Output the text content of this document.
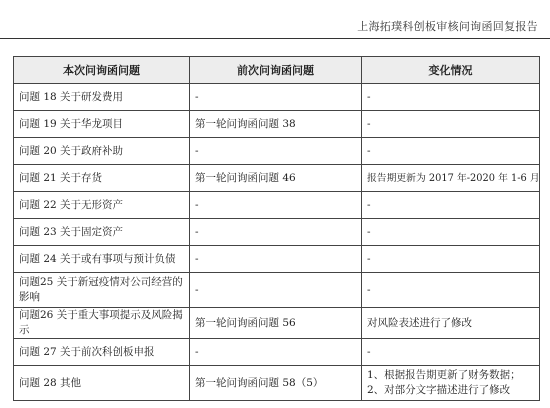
上海拓璞科创板审核问询函回复报告
本次问询函问题	前次问询函问题	变化情况
问题 18 关于研发费用	-	-
问题 19 关于华龙项目	第一轮问询函问题 38	-
问题 20 关于政府补助	-	-
问题 21 关于存货	第一轮问询函问题 46	报告期更新为 2017 年-2020 年 1-6 月
问题 22 关于无形资产	-	-
问题 23 关于固定资产	-	-
问题 24 关于或有事项与预计负债	-	-
问题25 关于新冠疫情对公司经营的影响	-	-
问题26 关于重大事项提示及风险揭示	第一轮问询函问题 56	对风险表述进行了修改
问题 27 关于前次科创板申报	-	-
问题 28 其他	第一轮问询函问题 58（5）	1、根据报告期更新了财务数据；2、对部分文字描述进行了修改
